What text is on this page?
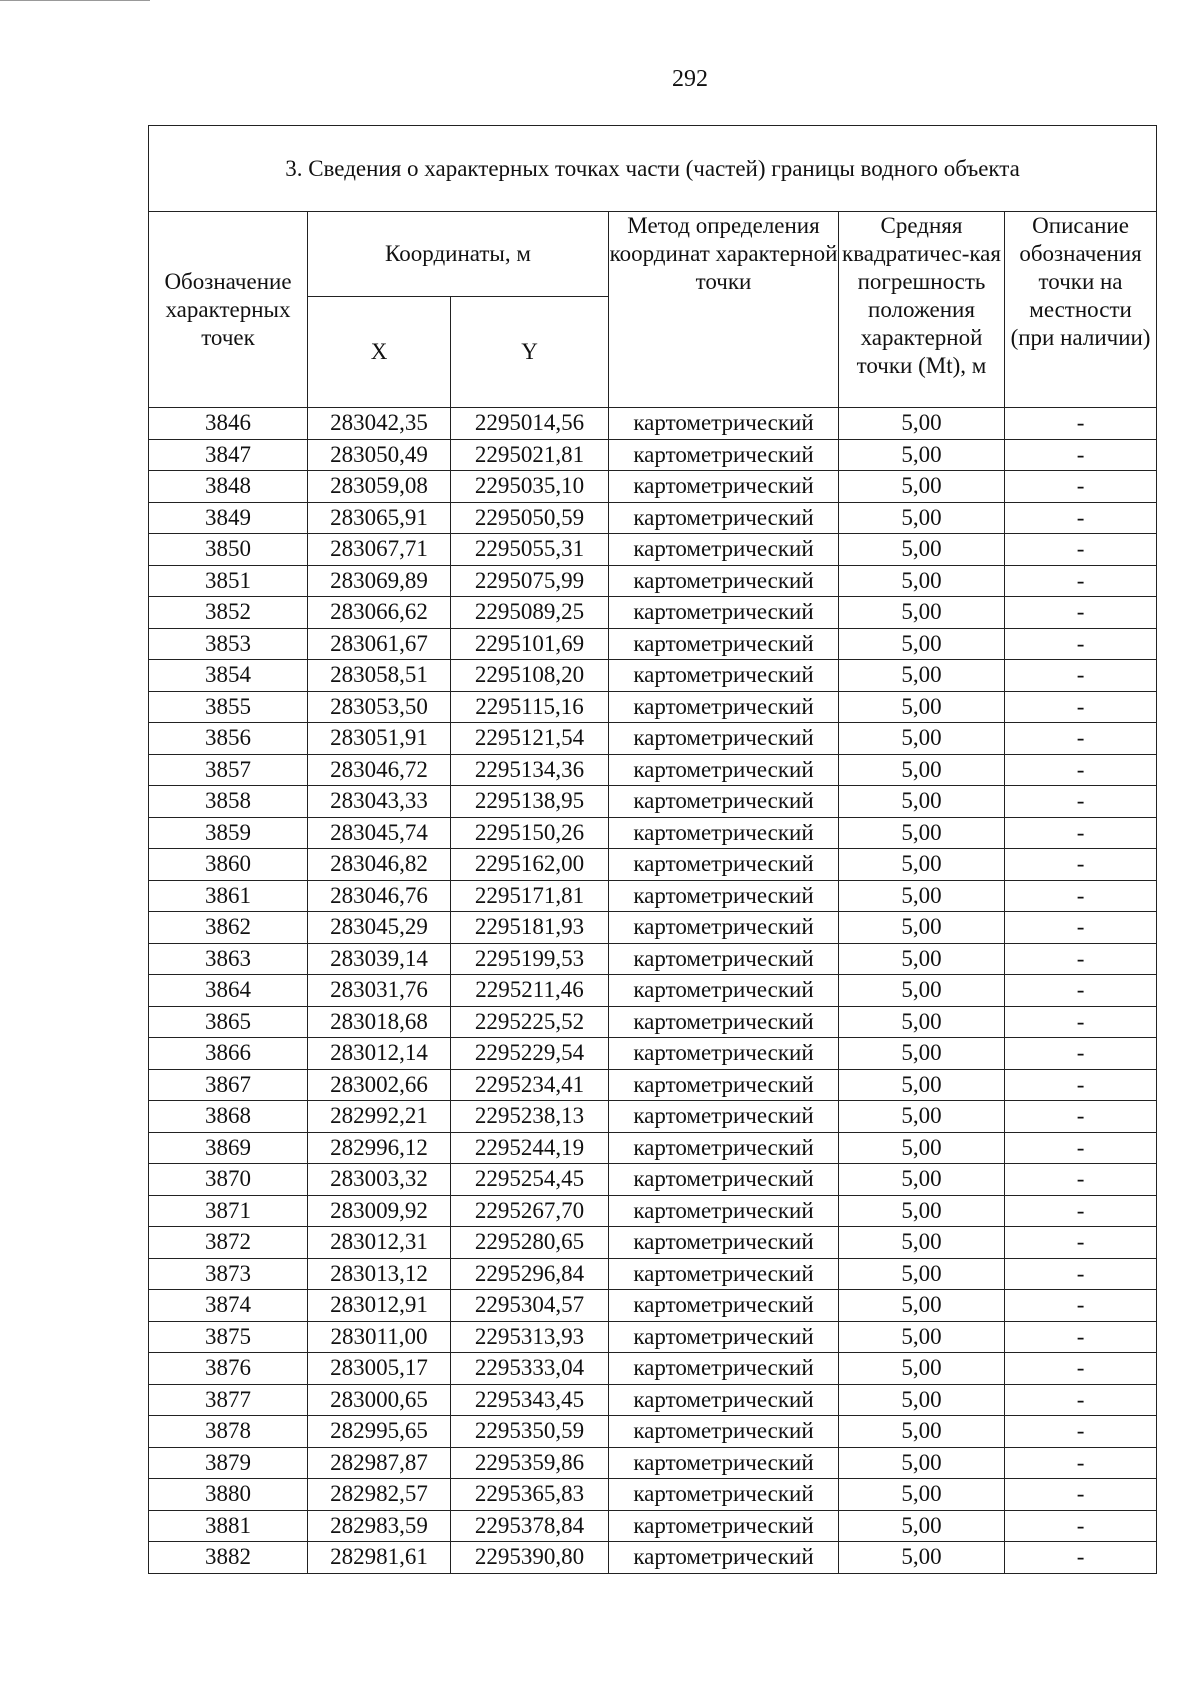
292
3. Сведения о характерных точках части (частей) границы водного объекта					
Обозначение характерных точек	Координаты, м		Метод определения координат характерной точки	Средняя квадратичес-кая погрешность положения характерной точки (Mt), м	Описание обозначения точки на местности (при наличии)
	X	Y			
3846	283042,35	2295014,56	картометрический	5,00	-
3847	283050,49	2295021,81	картометрический	5,00	-
3848	283059,08	2295035,10	картометрический	5,00	-
3849	283065,91	2295050,59	картометрический	5,00	-
3850	283067,71	2295055,31	картометрический	5,00	-
3851	283069,89	2295075,99	картометрический	5,00	-
3852	283066,62	2295089,25	картометрический	5,00	-
3853	283061,67	2295101,69	картометрический	5,00	-
3854	283058,51	2295108,20	картометрический	5,00	-
3855	283053,50	2295115,16	картометрический	5,00	-
3856	283051,91	2295121,54	картометрический	5,00	-
3857	283046,72	2295134,36	картометрический	5,00	-
3858	283043,33	2295138,95	картометрический	5,00	-
3859	283045,74	2295150,26	картометрический	5,00	-
3860	283046,82	2295162,00	картометрический	5,00	-
3861	283046,76	2295171,81	картометрический	5,00	-
3862	283045,29	2295181,93	картометрический	5,00	-
3863	283039,14	2295199,53	картометрический	5,00	-
3864	283031,76	2295211,46	картометрический	5,00	-
3865	283018,68	2295225,52	картометрический	5,00	-
3866	283012,14	2295229,54	картометрический	5,00	-
3867	283002,66	2295234,41	картометрический	5,00	-
3868	282992,21	2295238,13	картометрический	5,00	-
3869	282996,12	2295244,19	картометрический	5,00	-
3870	283003,32	2295254,45	картометрический	5,00	-
3871	283009,92	2295267,70	картометрический	5,00	-
3872	283012,31	2295280,65	картометрический	5,00	-
3873	283013,12	2295296,84	картометрический	5,00	-
3874	283012,91	2295304,57	картометрический	5,00	-
3875	283011,00	2295313,93	картометрический	5,00	-
3876	283005,17	2295333,04	картометрический	5,00	-
3877	283000,65	2295343,45	картометрический	5,00	-
3878	282995,65	2295350,59	картометрический	5,00	-
3879	282987,87	2295359,86	картометрический	5,00	-
3880	282982,57	2295365,83	картометрический	5,00	-
3881	282983,59	2295378,84	картометрический	5,00	-
3882	282981,61	2295390,80	картометрический	5,00	-
